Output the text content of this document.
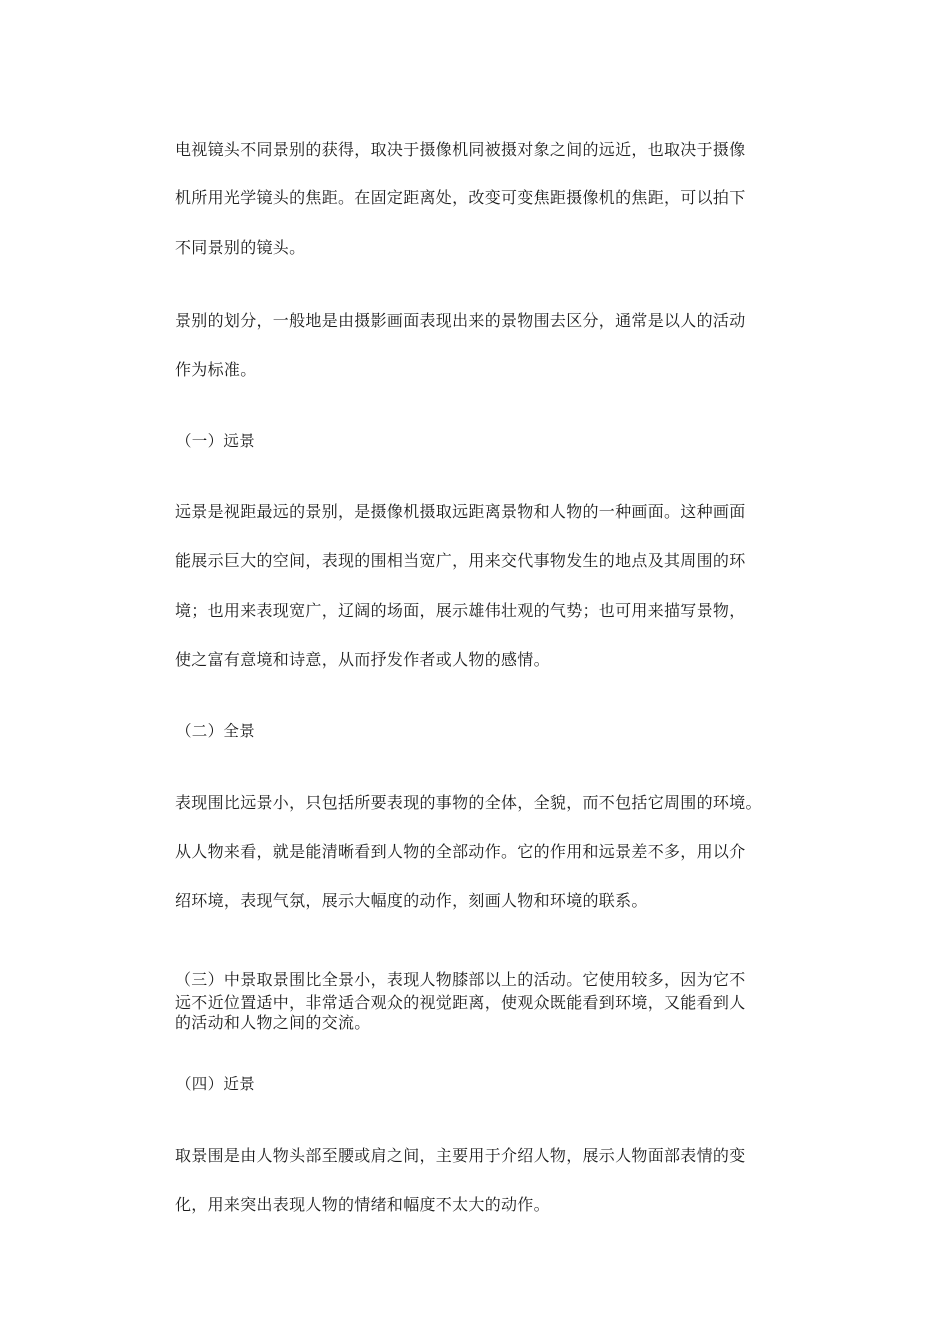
电视镜头不同景别的获得，取决于摄像机同被摄对象之间的远近，也取决于摄像
机所用光学镜头的焦距。在固定距离处，改变可变焦距摄像机的焦距，可以拍下
不同景别的镜头。
景别的划分，一般地是由摄影画面表现出来的景物围去区分，通常是以人的活动
作为标准。
（一）远景
远景是视距最远的景别，是摄像机摄取远距离景物和人物的一种画面。这种画面
能展示巨大的空间，表现的围相当宽广，用来交代事物发生的地点及其周围的环
境；也用来表现宽广，辽阔的场面，展示雄伟壮观的气势；也可用来描写景物，
使之富有意境和诗意，从而抒发作者或人物的感情。
（二）全景
表现围比远景小，只包括所要表现的事物的全体，全貌，而不包括它周围的环境。
从人物来看，就是能清晰看到人物的全部动作。它的作用和远景差不多，用以介
绍环境，表现气氛，展示大幅度的动作，刻画人物和环境的联系。
（三）中景取景围比全景小，表现人物膝部以上的活动。它使用较多，因为它不
远不近位置适中，非常适合观众的视觉距离，使观众既能看到环境，又能看到人
的活动和人物之间的交流。
（四）近景
取景围是由人物头部至腰或肩之间，主要用于介绍人物，展示人物面部表情的变
化，用来突出表现人物的情绪和幅度不太大的动作。
